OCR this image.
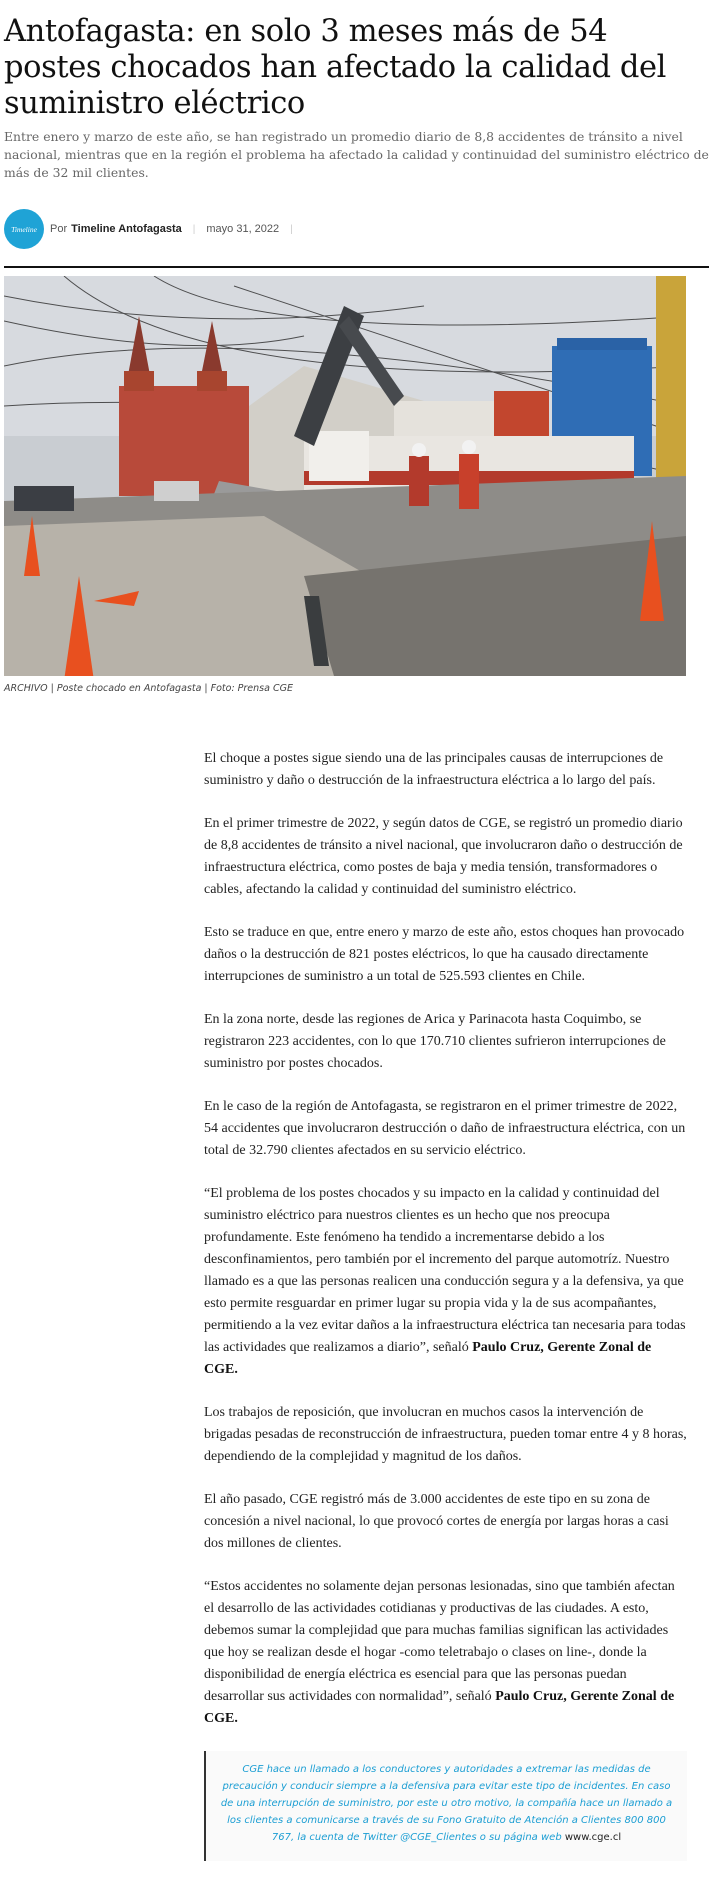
Antofagasta: en solo 3 meses más de 54 postes chocados han afectado la calidad del suministro eléctrico

Entre enero y marzo de este año, se han registrado un promedio diario de 8,8 accidentes de tránsito a nivel nacional, mientras que en la región el problema ha afectado la calidad y continuidad del suministro eléctrico de más de 32 mil clientes.

Timeline Por Timeline Antofagasta | mayo 31, 2022 |

ARCHIVO | Poste chocado en Antofagasta | Foto: Prensa CGE

El choque a postes sigue siendo una de las principales causas de interrupciones de suministro y daño o destrucción de la infraestructura eléctrica a lo largo del país.

En el primer trimestre de 2022, y según datos de CGE, se registró un promedio diario de 8,8 accidentes de tránsito a nivel nacional, que involucraron daño o destrucción de infraestructura eléctrica, como postes de baja y media tensión, transformadores o cables, afectando la calidad y continuidad del suministro eléctrico.

Esto se traduce en que, entre enero y marzo de este año, estos choques han provocado daños o la destrucción de 821 postes eléctricos, lo que ha causado directamente interrupciones de suministro a un total de 525.593 clientes en Chile.

En la zona norte, desde las regiones de Arica y Parinacota hasta Coquimbo, se registraron 223 accidentes, con lo que 170.710 clientes sufrieron interrupciones de suministro por postes chocados.

En le caso de la región de Antofagasta, se registraron en el primer trimestre de 2022, 54 accidentes que involucraron destrucción o daño de infraestructura eléctrica, con un total de 32.790 clientes afectados en su servicio eléctrico.

“El problema de los postes chocados y su impacto en la calidad y continuidad del suministro eléctrico para nuestros clientes es un hecho que nos preocupa profundamente. Este fenómeno ha tendido a incrementarse debido a los desconfinamientos, pero también por el incremento del parque automotríz. Nuestro llamado es a que las personas realicen una conducción segura y a la defensiva, ya que esto permite resguardar en primer lugar su propia vida y la de sus acompañantes, permitiendo a la vez evitar daños a la infraestructura eléctrica tan necesaria para todas las actividades que realizamos a diario”, señaló Paulo Cruz, Gerente Zonal de CGE.

Los trabajos de reposición, que involucran en muchos casos la intervención de brigadas pesadas de reconstrucción de infraestructura, pueden tomar entre 4 y 8 horas, dependiendo de la complejidad y magnitud de los daños.

El año pasado, CGE registró más de 3.000 accidentes de este tipo en su zona de concesión a nivel nacional, lo que provocó cortes de energía por largas horas a casi dos millones de clientes.

“Estos accidentes no solamente dejan personas lesionadas, sino que también afectan el desarrollo de las actividades cotidianas y productivas de las ciudades. A esto, debemos sumar la complejidad que para muchas familias significan las actividades que hoy se realizan desde el hogar -como teletrabajo o clases on line-, donde la disponibilidad de energía eléctrica es esencial para que las personas puedan desarrollar sus actividades con normalidad”, señaló Paulo Cruz, Gerente Zonal de CGE.

CGE hace un llamado a los conductores y autoridades a extremar las medidas de precaución y conducir siempre a la defensiva para evitar este tipo de incidentes. En caso de una interrupción de suministro, por este u otro motivo, la compañía hace un llamado a los clientes a comunicarse a través de su Fono Gratuito de Atención a Clientes 800 800 767, la cuenta de Twitter @CGE_Clientes o su página web www.cge.cl
